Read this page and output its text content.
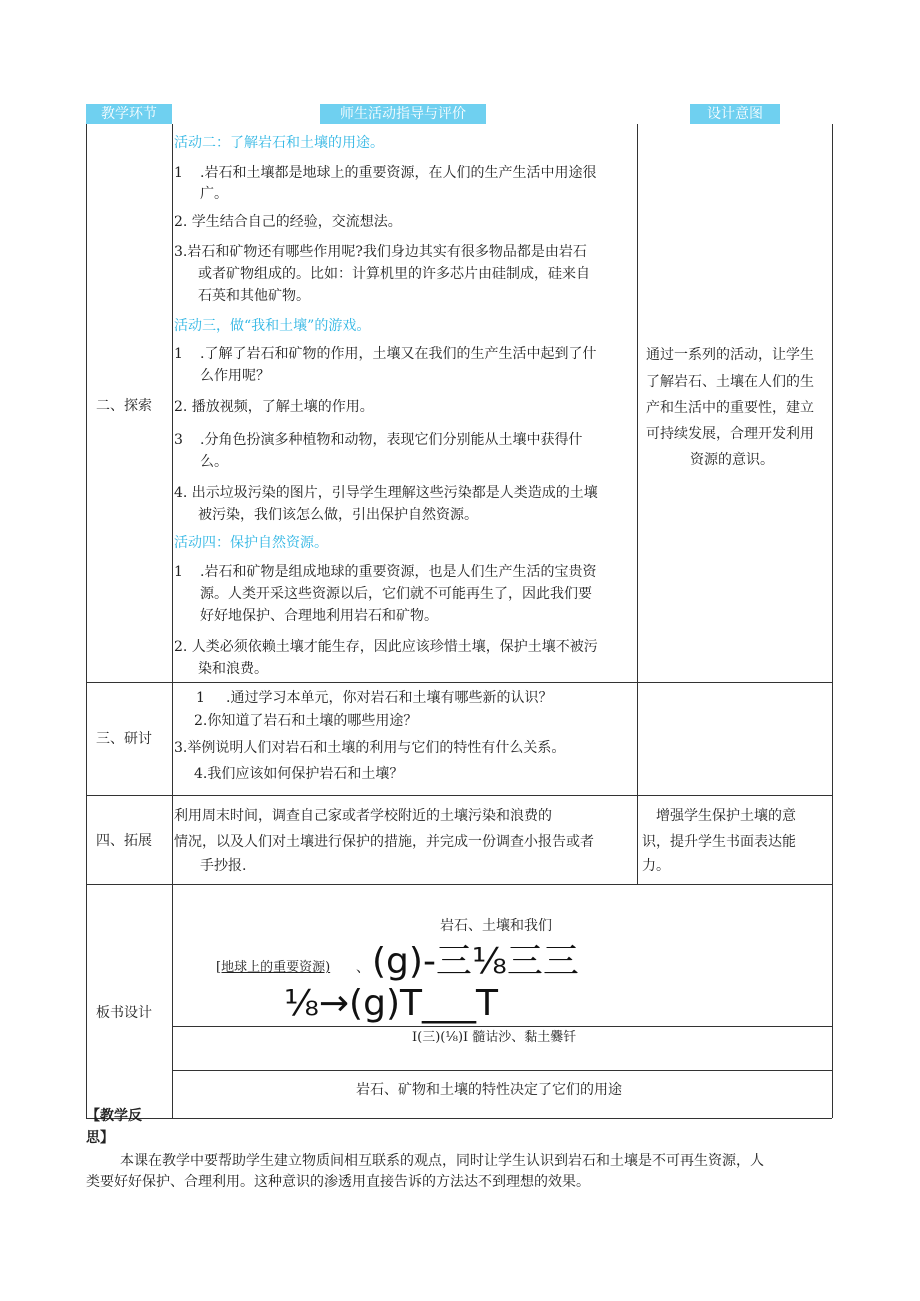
教学环节	师生活动指导与评价	设计意图
二、探索
活动二：了解岩石和土壤的用途。
1 .岩石和土壤都是地球上的重要资源，在人们的生产生活中用途很
广。
2. 学生结合自己的经验，交流想法。
3.岩石和矿物还有哪些作用呢?我们身边其实有很多物品都是由岩石
或者矿物组成的。比如：计算机里的许多芯片由硅制成，硅来自
石英和其他矿物。
活动三，做“我和土壤”的游戏。
1 .了解了岩石和矿物的作用，土壤又在我们的生产生活中起到了什
么作用呢？
2. 播放视频，了解土壤的作用。
3 .分角色扮演多种植物和动物，表现它们分别能从土壤中获得什
么。
4. 出示垃圾污染的图片，引导学生理解这些污染都是人类造成的土壤
被污染，我们该怎么做，引出保护自然资源。
活动四：保护自然资源。
1 .岩石和矿物是组成地球的重要资源，也是人们生产生活的宝贵资
源。人类开采这些资源以后，它们就不可能再生了，因此我们要
好好地保护、合理地利用岩石和矿物。
2. 人类必须依赖土壤才能生存，因此应该珍惜土壤，保护土壤不被污
染和浪费。
通过一系列的活动，让学生
了解岩石、土壤在人们的生
产和生活中的重要性，建立
可持续发展，合理开发利用
资源的意识。
三、研讨
1 .通过学习本单元，你对岩石和土壤有哪些新的认识？
2.你知道了岩石和土壤的哪些用途？
3.举例说明人们对岩石和土壤的利用与它们的特性有什么关系。
4.我们应该如何保护岩石和土壤？
四、拓展
利用周末时间，调查自己家或者学校附近的土壤污染和浪费的
情况，以及人们对土壤进行保护的措施，并完成一份调查小报告或者
手抄报.
增强学生保护土壤的意
识，提升学生书面表达能
力。
板书设计
岩石、土壤和我们
[地球上的重要资源) 、 (g)-三⅛三三
⅛→(g)T___T
I(三)(⅛)I 髓诂沙、黏土爨钎
岩石、矿物和土壤的特性决定了它们的用途
【教学反
思】
本课在教学中要帮助学生建立物质间相互联系的观点，同时让学生认识到岩石和土壤是不可再生资源，人
类要好好保护、合理利用。这种意识的渗透用直接告诉的方法达不到理想的效果。
